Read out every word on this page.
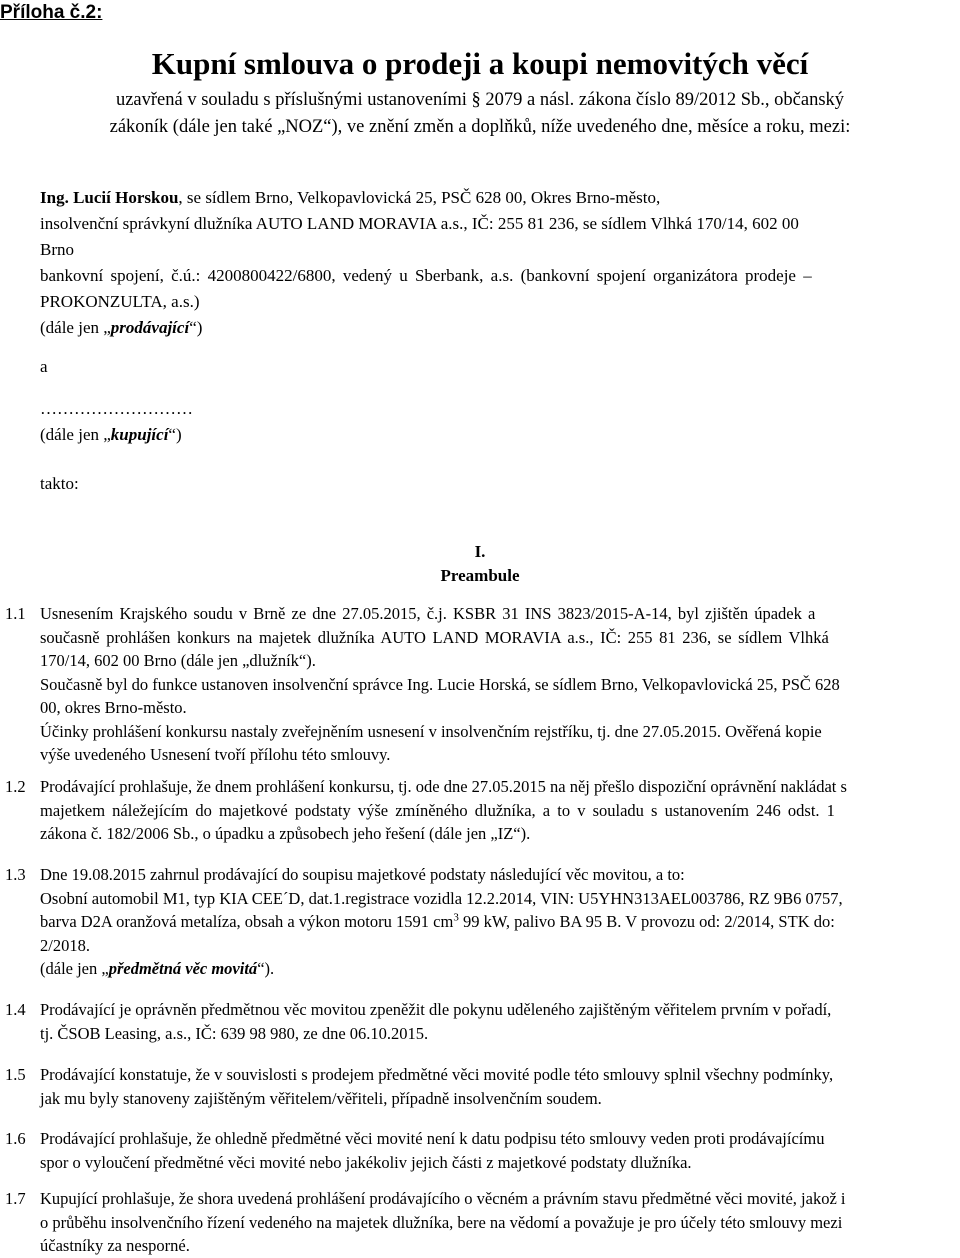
Příloha č.2:
Kupní smlouva o prodeji a koupi nemovitých věcí
uzavřená v souladu s příslušnými ustanoveními § 2079 a násl. zákona číslo 89/2012 Sb., občanský
zákoník (dále jen také „NOZ“), ve znění změn a doplňků, níže uvedeného dne, měsíce a roku, mezi:
Ing. Lucií Horskou, se sídlem Brno, Velkopavlovická 25, PSČ 628 00, Okres Brno-město,
insolvenční správkyní dlužníka AUTO LAND MORAVIA a.s., IČ: 255 81 236, se sídlem Vlhká 170/14, 602 00
Brno
bankovní spojení, č.ú.: 4200800422/6800, vedený u Sberbank, a.s. (bankovní spojení organizátora prodeje –
PROKONZULTA, a.s.)
(dále jen „prodávající“)
a
………………………
(dále jen „kupující“)
takto:
I.
Preambule
1.1 Usnesením Krajského soudu v Brně ze dne 27.05.2015, č.j. KSBR 31 INS 3823/2015-A-14, byl zjištěn úpadek a

současně prohlášen konkurs na majetek dlužníka AUTO LAND MORAVIA a.s., IČ: 255 81 236, se sídlem Vlhká

170/14, 602 00 Brno (dále jen „dlužník“).

Současně byl do funkce ustanoven insolvenční správce Ing. Lucie Horská, se sídlem Brno, Velkopavlovická 25, PSČ 628

00, okres Brno-město.

Účinky prohlášení konkursu nastaly zveřejněním usnesení v insolvenčním rejstříku, tj. dne 27.05.2015. Ověřená kopie

výše uvedeného Usnesení tvoří přílohu této smlouvy.

1.2 Prodávající prohlašuje, že dnem prohlášení konkursu, tj. ode dne 27.05.2015 na něj přešlo dispoziční oprávnění nakládat s

majetkem náležejícím do majetkové podstaty výše zmíněného dlužníka, a to v souladu s ustanovením 246 odst. 1

zákona č. 182/2006 Sb., o úpadku a způsobech jeho řešení (dále jen „IZ“).

1.3 Dne 19.08.2015 zahrnul prodávající do soupisu majetkové podstaty následující věc movitou, a to:

Osobní automobil M1, typ KIA CEE´D, dat.1.registrace vozidla 12.2.2014, VIN: U5YHN313AEL003786, RZ 9B6 0757,

barva D2A oranžová metalíza, obsah a výkon motoru 1591 $cm^3$ 99 kW, palivo BA 95 B. V provozu od: 2/2014, STK do:

2/2018.

(dále jen „předmětná věc movitá“).

1.4 Prodávající je oprávněn předmětnou věc movitou zpeněžit dle pokynu uděleného zajištěným věřitelem prvním v pořadí,

tj. ČSOB Leasing, a.s., IČ: 639 98 980, ze dne 06.10.2015.

1.5 Prodávající konstatuje, že v souvislosti s prodejem předmětné věci movité podle této smlouvy splnil všechny podmínky,

jak mu byly stanoveny zajištěným věřitelem/věřiteli, případně insolvenčním soudem.

1.6 Prodávající prohlašuje, že ohledně předmětné věci movité není k datu podpisu této smlouvy veden proti prodávajícímu

spor o vyloučení předmětné věci movité nebo jakékoliv jejich části z majetkové podstaty dlužníka.

1.7 Kupující prohlašuje, že shora uvedená prohlášení prodávajícího o věcném a právním stavu předmětné věci movité, jakož i

o průběhu insolvenčního řízení vedeného na majetek dlužníka, bere na vědomí a považuje je pro účely této smlouvy mezi

účastníky za nesporné.
